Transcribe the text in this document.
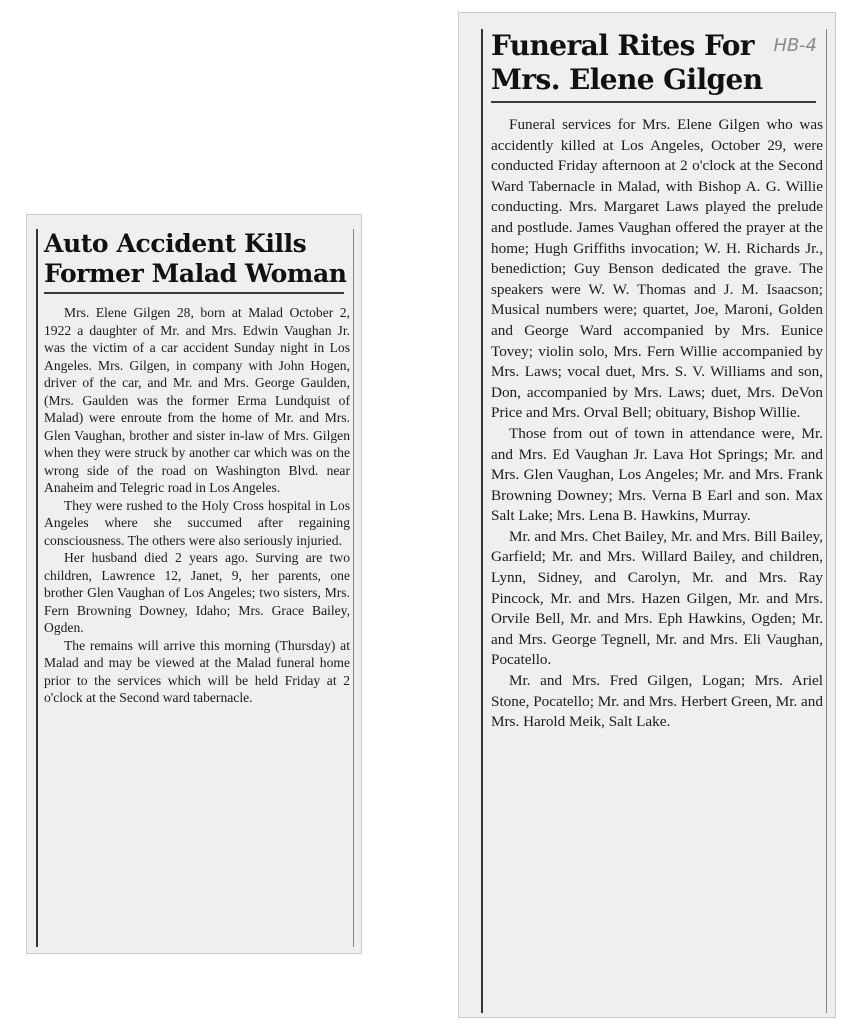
Auto Accident Kills Former Malad Woman

Mrs. Elene Gilgen 28, born at Malad October 2, 1922 a daughter of Mr. and Mrs. Edwin Vaughan Jr. was the victim of a car accident Sunday night in Los Angeles. Mrs. Gilgen, in company with John Hogen, driver of the car, and Mr. and Mrs. George Gaulden, (Mrs. Gaulden was the former Erma Lundquist of Malad) were enroute from the home of Mr. and Mrs. Glen Vaughan, brother and sister in-law of Mrs. Gilgen when they were struck by another car which was on the wrong side of the road on Washington Blvd. near Anaheim and Telegric road in Los Angeles.

They were rushed to the Holy Cross hospital in Los Angeles where she succumed after regaining consciousness. The others were also seriously injuried.

Her husband died 2 years ago. Surving are two children, Lawrence 12, Janet, 9, her parents, one brother Glen Vaughan of Los Angeles; two sisters, Mrs. Fern Browning Downey, Idaho; Mrs. Grace Bailey, Ogden.

The remains will arrive this morning (Thursday) at Malad and may be viewed at the Malad funeral home prior to the services which will be held Friday at 2 o'clock at the Second ward tabernacle.

HB-4
Funeral Rites For Mrs. Elene Gilgen

Funeral services for Mrs. Elene Gilgen who was accidently killed at Los Angeles, October 29, were conducted Friday afternoon at 2 o'clock at the Second Ward Tabernacle in Malad, with Bishop A. G. Willie conducting. Mrs. Margaret Laws played the prelude and postlude. James Vaughan offered the prayer at the home; Hugh Griffiths invocation; W. H. Richards Jr., benediction; Guy Benson dedicated the grave. The speakers were W. W. Thomas and J. M. Isaacson; Musical numbers were; quartet, Joe, Maroni, Golden and George Ward accompanied by Mrs. Eunice Tovey; violin solo, Mrs. Fern Willie accompanied by Mrs. Laws; vocal duet, Mrs. S. V. Williams and son, Don, accompanied by Mrs. Laws; duet, Mrs. DeVon Price and Mrs. Orval Bell; obituary, Bishop Willie.

Those from out of town in attendance were, Mr. and Mrs. Ed Vaughan Jr. Lava Hot Springs; Mr. and Mrs. Glen Vaughan, Los Angeles; Mr. and Mrs. Frank Browning Downey; Mrs. Verna B Earl and son. Max Salt Lake; Mrs. Lena B. Hawkins, Murray.

Mr. and Mrs. Chet Bailey, Mr. and Mrs. Bill Bailey, Garfield; Mr. and Mrs. Willard Bailey, and children, Lynn, Sidney, and Carolyn, Mr. and Mrs. Ray Pincock, Mr. and Mrs. Hazen Gilgen, Mr. and Mrs. Orvile Bell, Mr. and Mrs. Eph Hawkins, Ogden; Mr. and Mrs. George Tegnell, Mr. and Mrs. Eli Vaughan, Pocatello.

Mr. and Mrs. Fred Gilgen, Logan; Mrs. Ariel Stone, Pocatello; Mr. and Mrs. Herbert Green, Mr. and Mrs. Harold Meik, Salt Lake.
